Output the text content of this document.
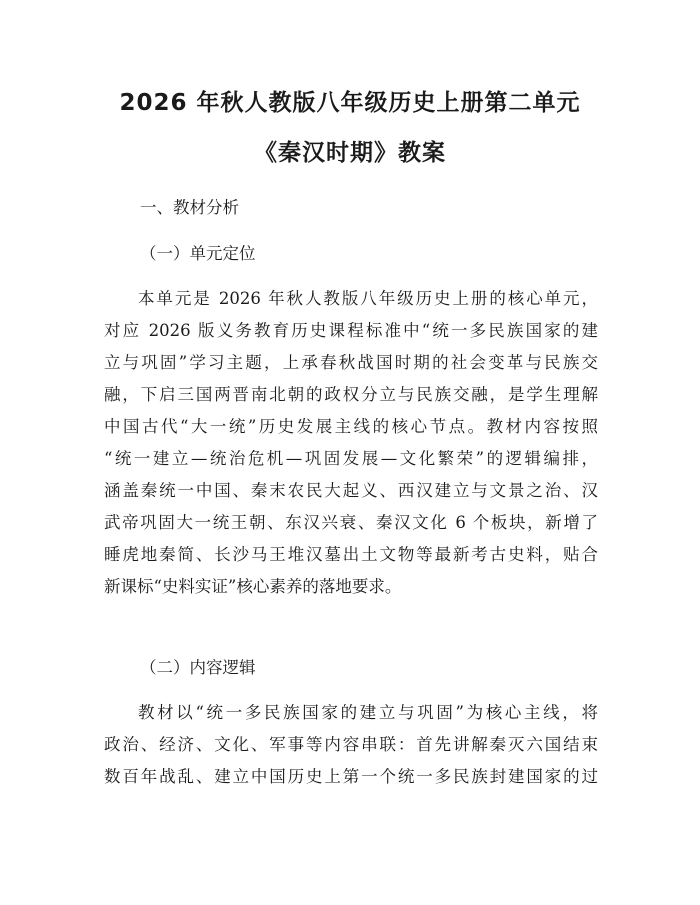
2026 年秋人教版八年级历史上册第二单元
《秦汉时期》教案
一、教材分析
（一）单元定位
本单元是 2026 年秋人教版八年级历史上册的核心单元，
对应 2026 版义务教育历史课程标准中“统一多民族国家的建
立与巩固”学习主题，上承春秋战国时期的社会变革与民族交
融，下启三国两晋南北朝的政权分立与民族交融，是学生理解
中国古代“大一统”历史发展主线的核心节点。教材内容按照
“统一建立—统治危机—巩固发展—文化繁荣”的逻辑编排，
涵盖秦统一中国、秦末农民大起义、西汉建立与文景之治、汉
武帝巩固大一统王朝、东汉兴衰、秦汉文化 6 个板块，新增了
睡虎地秦简、长沙马王堆汉墓出土文物等最新考古史料，贴合
新课标“史料实证”核心素养的落地要求。
（二）内容逻辑
教材以“统一多民族国家的建立与巩固”为核心主线，将
政治、经济、文化、军事等内容串联：首先讲解秦灭六国结束
数百年战乱、建立中国历史上第一个统一多民族封建国家的过
